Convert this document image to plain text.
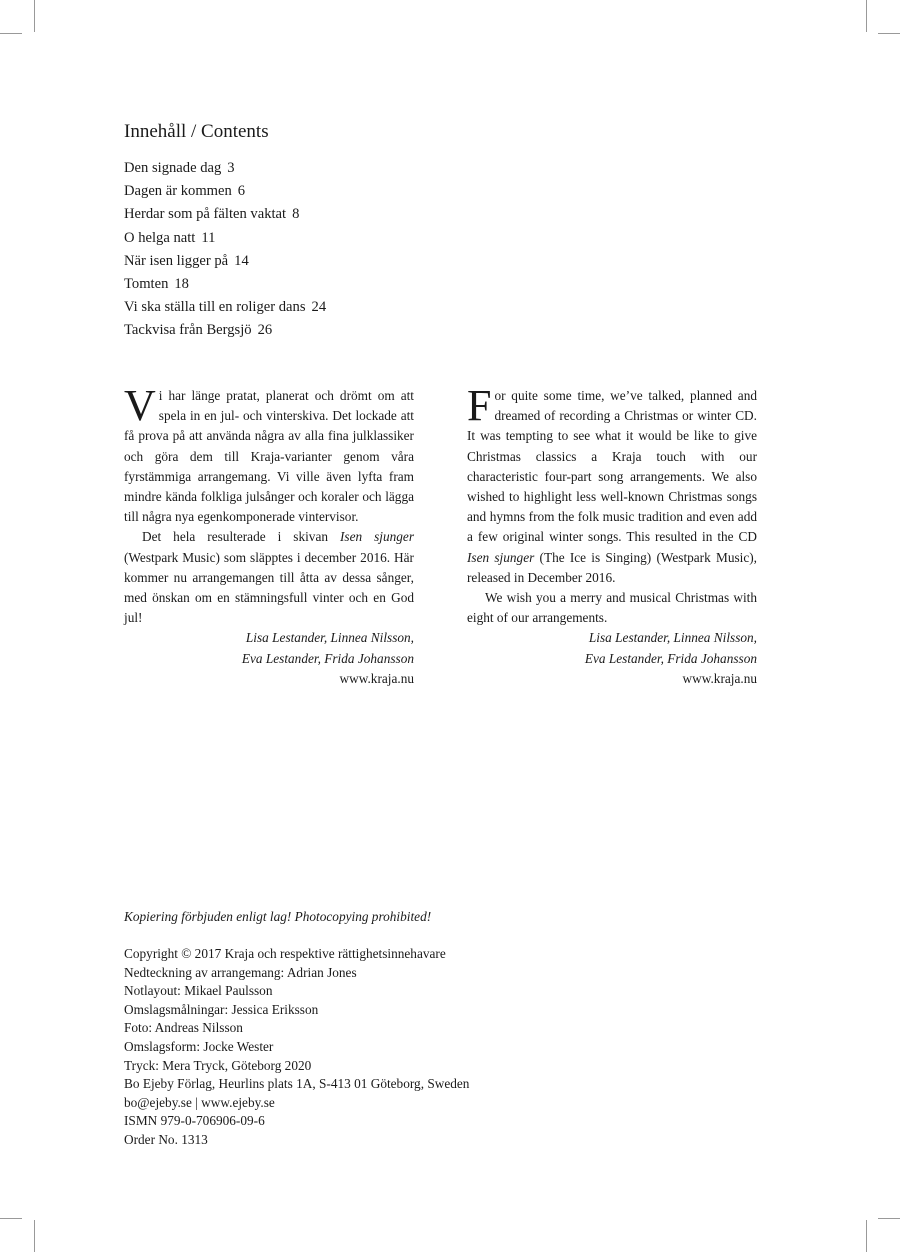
Innehåll / Contents
Den signade dag 3
Dagen är kommen 6
Herdar som på fälten vaktat 8
O helga natt 11
När isen ligger på 14
Tomten 18
Vi ska ställa till en roliger dans 24
Tackvisa från Bergsjö 26

Vi har länge pratat, planerat och drömt om att spela in en jul- och vinterskiva. Det lockade att få prova på att använda några av alla fina julklassiker och göra dem till Kraja-varianter genom våra fyrstämmiga arrangemang. Vi ville även lyfta fram mindre kända folkliga julsånger och koraler och lägga till några nya egenkomponerade vintervisor.

Det hela resulterade i skivan Isen sjunger (Westpark Music) som släpptes i december 2016. Här kommer nu arrangemangen till åtta av dessa sånger, med önskan om en stämningsfull vinter och en God jul!

Lisa Lestander, Linnea Nilsson,
Eva Lestander, Frida Johansson
www.kraja.nu

For quite some time, we’ve talked, planned and dreamed of recording a Christmas or winter CD. It was tempting to see what it would be like to give Christmas classics a Kraja touch with our characteristic four-part song arrangements. We also wished to highlight less well-known Christmas songs and hymns from the folk music tradition and even add a few original winter songs. This resulted in the CD Isen sjunger (The Ice is Singing) (Westpark Music), released in December 2016.

We wish you a merry and musical Christmas with eight of our arrangements.

Lisa Lestander, Linnea Nilsson,
Eva Lestander, Frida Johansson
www.kraja.nu
Kopiering förbjuden enligt lag! Photocopying prohibited!
Copyright © 2017 Kraja och respektive rättighetsinnehavare
Nedteckning av arrangemang: Adrian Jones
Notlayout: Mikael Paulsson
Omslagsmålningar: Jessica Eriksson
Foto: Andreas Nilsson
Omslagsform: Jocke Wester
Tryck: Mera Tryck, Göteborg 2020
Bo Ejeby Förlag, Heurlins plats 1A, S-413 01 Göteborg, Sweden
bo@ejeby.se | www.ejeby.se
ISMN 979-0-706906-09-6
Order No. 1313
